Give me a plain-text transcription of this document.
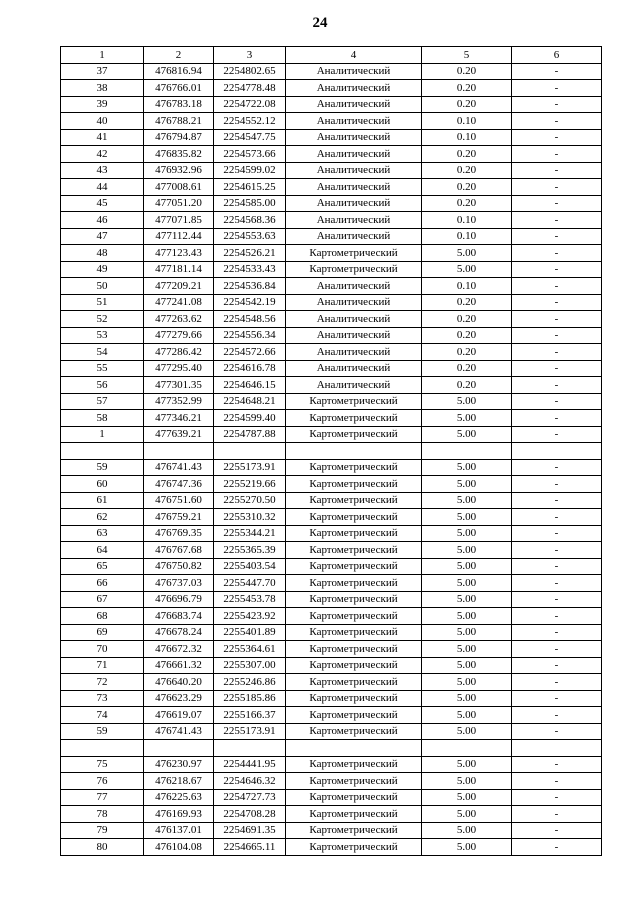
24
1	2	3	4	5	6
37	476816.94	2254802.65	Аналитический	0.20	-
38	476766.01	2254778.48	Аналитический	0.20	-
39	476783.18	2254722.08	Аналитический	0.20	-
40	476788.21	2254552.12	Аналитический	0.10	-
41	476794.87	2254547.75	Аналитический	0.10	-
42	476835.82	2254573.66	Аналитический	0.20	-
43	476932.96	2254599.02	Аналитический	0.20	-
44	477008.61	2254615.25	Аналитический	0.20	-
45	477051.20	2254585.00	Аналитический	0.20	-
46	477071.85	2254568.36	Аналитический	0.10	-
47	477112.44	2254553.63	Аналитический	0.10	-
48	477123.43	2254526.21	Картометрический	5.00	-
49	477181.14	2254533.43	Картометрический	5.00	-
50	477209.21	2254536.84	Аналитический	0.10	-
51	477241.08	2254542.19	Аналитический	0.20	-
52	477263.62	2254548.56	Аналитический	0.20	-
53	477279.66	2254556.34	Аналитический	0.20	-
54	477286.42	2254572.66	Аналитический	0.20	-
55	477295.40	2254616.78	Аналитический	0.20	-
56	477301.35	2254646.15	Аналитический	0.20	-
57	477352.99	2254648.21	Картометрический	5.00	-
58	477346.21	2254599.40	Картометрический	5.00	-
1	477639.21	2254787.88	Картометрический	5.00	-

59	476741.43	2255173.91	Картометрический	5.00	-
60	476747.36	2255219.66	Картометрический	5.00	-
61	476751.60	2255270.50	Картометрический	5.00	-
62	476759.21	2255310.32	Картометрический	5.00	-
63	476769.35	2255344.21	Картометрический	5.00	-
64	476767.68	2255365.39	Картометрический	5.00	-
65	476750.82	2255403.54	Картометрический	5.00	-
66	476737.03	2255447.70	Картометрический	5.00	-
67	476696.79	2255453.78	Картометрический	5.00	-
68	476683.74	2255423.92	Картометрический	5.00	-
69	476678.24	2255401.89	Картометрический	5.00	-
70	476672.32	2255364.61	Картометрический	5.00	-
71	476661.32	2255307.00	Картометрический	5.00	-
72	476640.20	2255246.86	Картометрический	5.00	-
73	476623.29	2255185.86	Картометрический	5.00	-
74	476619.07	2255166.37	Картометрический	5.00	-
59	476741.43	2255173.91	Картометрический	5.00	-

75	476230.97	2254441.95	Картометрический	5.00	-
76	476218.67	2254646.32	Картометрический	5.00	-
77	476225.63	2254727.73	Картометрический	5.00	-
78	476169.93	2254708.28	Картометрический	5.00	-
79	476137.01	2254691.35	Картометрический	5.00	-
80	476104.08	2254665.11	Картометрический	5.00	-
